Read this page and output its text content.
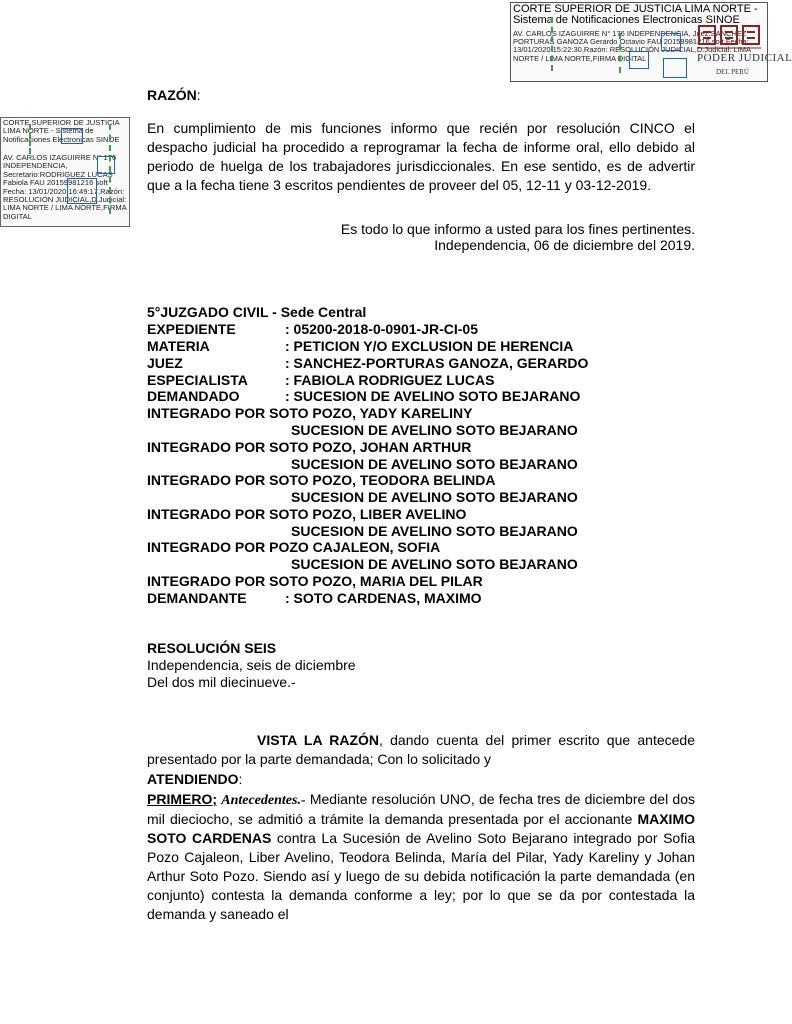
CORTE SUPERIOR DE JUSTICIA LIMA NORTE -
Sistema de Notificaciones Electronicas SINOE
AV. CARLOS IZAGUIRRE N° 176 INDEPENDENCIA, Juez:SANCHEZ PORTURAS GANOZA Gerardo Octavio FAU 20159981216 soft Fecha: 13/01/2020 15:22:30,Razón: RESOLUCIÓN JUDICIAL,D.Judicial: LIMA NORTE / LIMA NORTE,FIRMA DIGITAL	PODER JUDICIAL
DEL PERÚ
CORTE SUPERIOR DE JUSTICIA LIMA NORTE - Sistema de Notificaciones Electronicas SINOE
AV. CARLOS IZAGUIRRE N° 176 INDEPENDENCIA, Secretario:RODRIGUEZ LUCAS Fabiola FAU 20159981216 soft Fecha: 13/01/2020 16:49:17,Razón: RESOLUCIÓN JUDICIAL,D.Judicial: LIMA NORTE / LIMA NORTE,FIRMA DIGITAL
RAZÓN:
En cumplimiento de mis funciones informo que recién por resolución CINCO el despacho judicial ha procedido a reprogramar la fecha de informe oral, ello debido al periodo de huelga de los trabajadores jurisdiccionales. En ese sentido, es de advertir que a la fecha tiene 3 escritos pendientes de proveer del 05, 12-11 y 03-12-2019.
Es todo lo que informo a usted para los fines pertinentes.
Independencia, 06 de diciembre del 2019.
5°JUZGADO CIVIL - Sede Central
EXPEDIENTE	: 05200-2018-0-0901-JR-CI-05
MATERIA	: PETICION Y/O EXCLUSION DE HERENCIA
JUEZ	: SANCHEZ-PORTURAS GANOZA, GERARDO
ESPECIALISTA	: FABIOLA RODRIGUEZ LUCAS
DEMANDADO	: SUCESION DE AVELINO SOTO BEJARANO
INTEGRADO POR SOTO POZO, YADY KARELINY
SUCESION DE AVELINO SOTO BEJARANO
INTEGRADO POR SOTO POZO, JOHAN ARTHUR
SUCESION DE AVELINO SOTO BEJARANO
INTEGRADO POR SOTO POZO, TEODORA BELINDA
SUCESION DE AVELINO SOTO BEJARANO
INTEGRADO POR SOTO POZO, LIBER AVELINO
SUCESION DE AVELINO SOTO BEJARANO
INTEGRADO POR POZO CAJALEON, SOFIA
SUCESION DE AVELINO SOTO BEJARANO
INTEGRADO POR SOTO POZO, MARIA DEL PILAR
DEMANDANTE	: SOTO CARDENAS, MAXIMO
RESOLUCIÓN SEIS
Independencia, seis de diciembre
Del dos mil diecinueve.-
VISTA LA RAZÓN, dando cuenta del primer escrito que antecede presentado por la parte demandada; Con lo solicitado y
ATENDIENDO:
PRIMERO; Antecedentes.- Mediante resolución UNO, de fecha tres de diciembre del dos mil dieciocho, se admitió a trámite la demanda presentada por el accionante MAXIMO SOTO CARDENAS contra La Sucesión de Avelino Soto Bejarano integrado por Sofia Pozo Cajaleon, Liber Avelino, Teodora Belinda, María del Pilar, Yady Kareliny y Johan Arthur Soto Pozo. Siendo así y luego de su debida notificación la parte demandada (en conjunto) contesta la demanda conforme a ley; por lo que se da por contestada la demanda y saneado el
